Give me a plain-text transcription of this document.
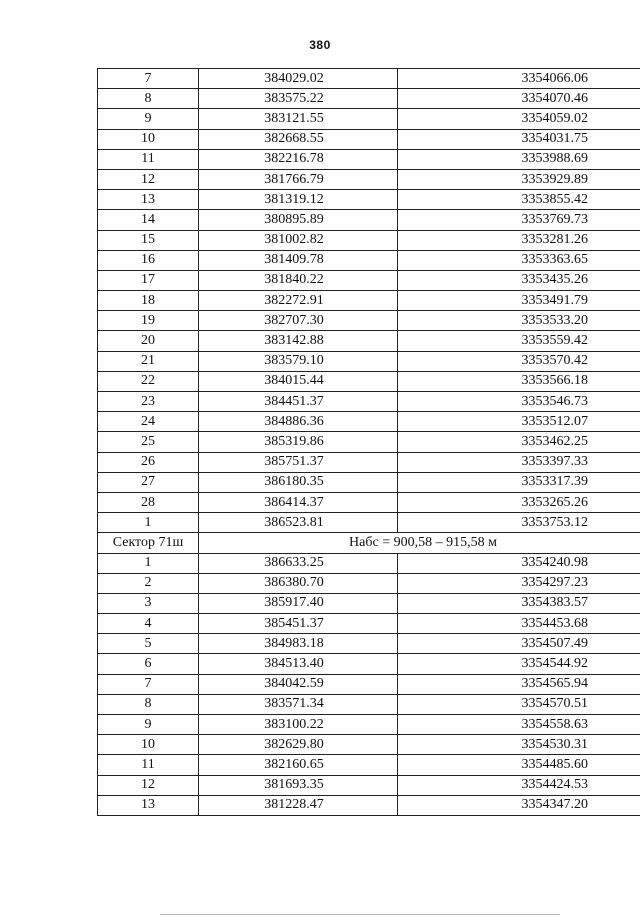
380
7	384029.02	3354066.06
8	383575.22	3354070.46
9	383121.55	3354059.02
10	382668.55	3354031.75
11	382216.78	3353988.69
12	381766.79	3353929.89
13	381319.12	3353855.42
14	380895.89	3353769.73
15	381002.82	3353281.26
16	381409.78	3353363.65
17	381840.22	3353435.26
18	382272.91	3353491.79
19	382707.30	3353533.20
20	383142.88	3353559.42
21	383579.10	3353570.42
22	384015.44	3353566.18
23	384451.37	3353546.73
24	384886.36	3353512.07
25	385319.86	3353462.25
26	385751.37	3353397.33
27	386180.35	3353317.39
28	386414.37	3353265.26
1	386523.81	3353753.12
Сектор 71ш	Набс = 900,58 – 915,58 м	
1	386633.25	3354240.98
2	386380.70	3354297.23
3	385917.40	3354383.57
4	385451.37	3354453.68
5	384983.18	3354507.49
6	384513.40	3354544.92
7	384042.59	3354565.94
8	383571.34	3354570.51
9	383100.22	3354558.63
10	382629.80	3354530.31
11	382160.65	3354485.60
12	381693.35	3354424.53
13	381228.47	3354347.20
